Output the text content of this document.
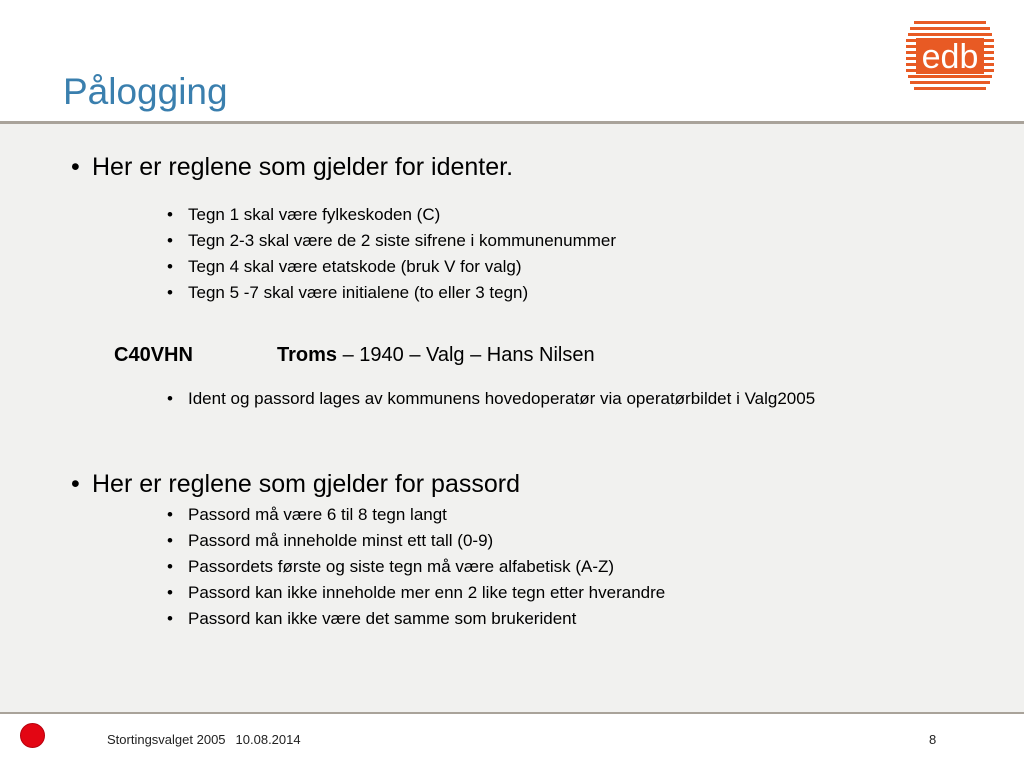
Pålogging
edb
• Her er reglene som gjelder for identer.
• Tegn 1 skal være fylkeskoden (C)
• Tegn 2-3 skal være de 2 siste sifrene i kommunenummer
• Tegn 4 skal være etatskode (bruk V for valg)
• Tegn 5 -7 skal være initialene (to eller 3 tegn)
C40VHN	Troms – 1940 – Valg – Hans Nilsen
• Ident og passord lages av kommunens hovedoperatør via operatørbildet i Valg2005
• Her er reglene som gjelder for passord
• Passord må være 6 til 8 tegn langt
• Passord må inneholde minst ett tall (0-9)
• Passordets første og siste tegn må være alfabetisk (A-Z)
• Passord kan ikke inneholde mer enn 2 like tegn etter hverandre
• Passord kan ikke være det samme som brukerident
Stortingsvalget 2005 10.08.2014	8
